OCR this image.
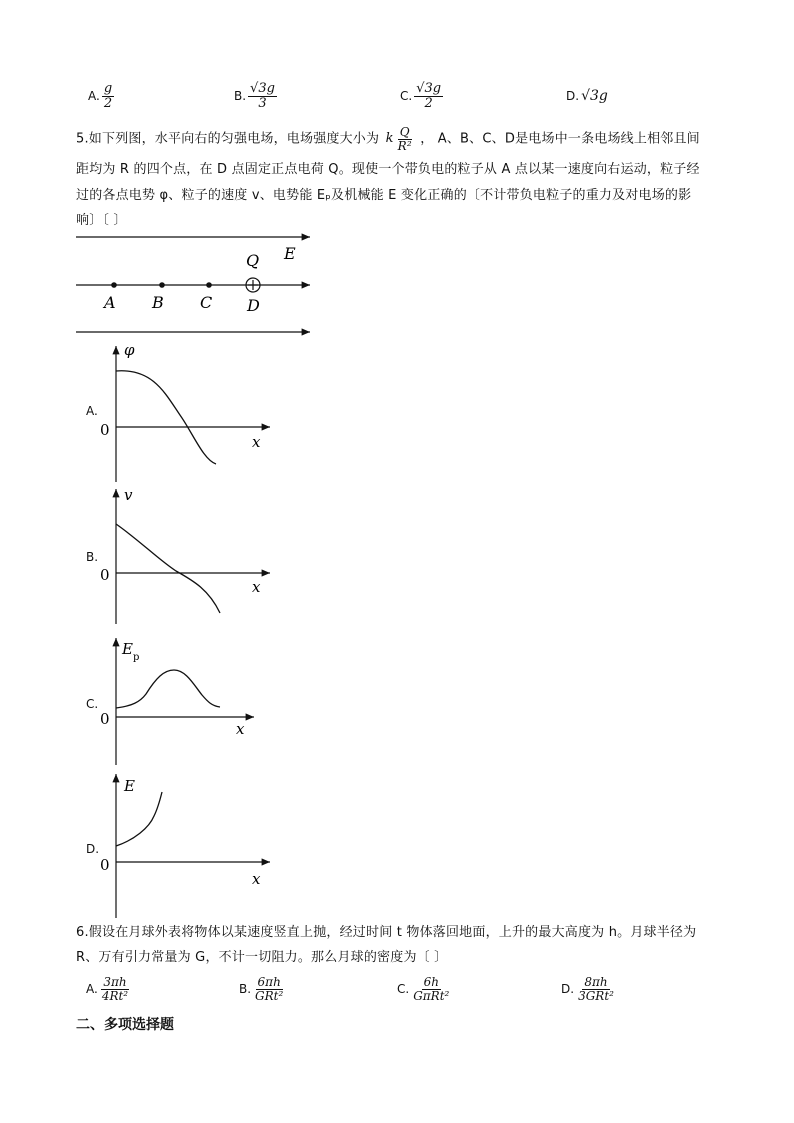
A. $\frac{g}{2}$	B. $\frac{√3g}{3}$	C. $\frac{√3g}{2}$	D. √3g
5.如下列图，水平向右的匀强电场，电场强度大小为 k $\frac{Q}{\text{R²}}$ ， A、B、C、D是电场中一条电场线上相邻且间
距均为 R 的四个点，在 D 点固定正点电荷 Q。现使一个带负电的粒子从 A 点以某一速度向右运动，粒子经
过的各点电势 φ、粒子的速度 v、电势能 Eₚ及机械能 E 变化正确的〔不计带负电粒子的重力及对电场的影
响〕〔 〕
E
Q
A B C D
A.
φ
0
x
B.
v
0
x
C.
E p
0
x
D.
E
0
x
6.假设在月球外表将物体以某速度竖直上抛，经过时间 t 物体落回地面，上升的最大高度为 h。月球半径为
R、万有引力常量为 G，不计一切阻力。那么月球的密度为〔 〕
A. $\frac{3\pi h}{\text{4Rt²}}$	B. $\frac{6\pi h}{\text{GRt²}}$	C. $\frac{6h}{\text{GπRt²}}$	D. $\frac{8\pi h}{\text{3GRt²}}$
二、多项选择题
